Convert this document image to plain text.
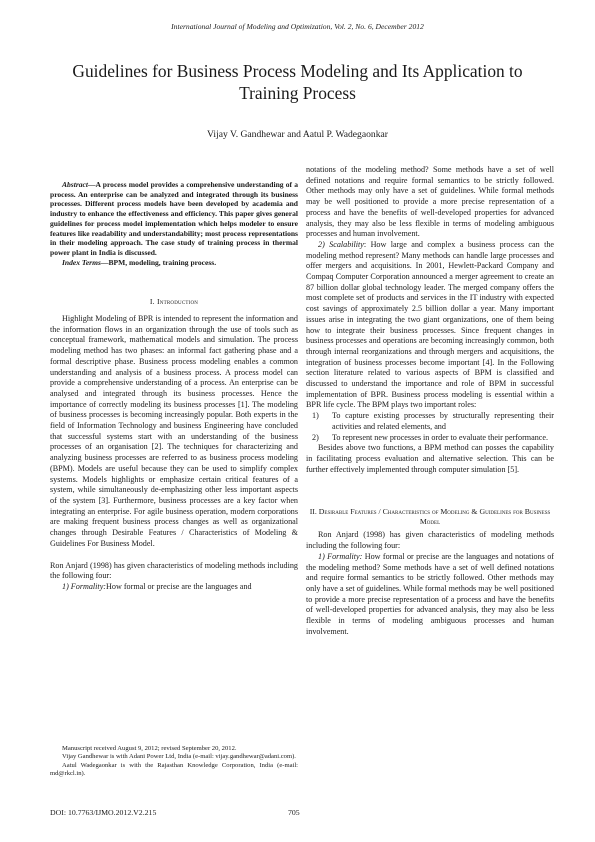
International Journal of Modeling and Optimization, Vol. 2, No. 6, December 2012
Guidelines for Business Process Modeling and Its Application to Training Process
Vijay V. Gandhewar and Aatul P. Wadegaonkar

Abstract—A process model provides a comprehensive understanding of a process. An enterprise can be analyzed and integrated through its business processes. Different process models have been developed by academia and industry to enhance the effectiveness and efficiency. This paper gives general guidelines for process model implementation which helps modeler to ensure features like readability and understandability; most process representations in their modeling approach. The case study of training process in thermal power plant in India is discussed.

Index Terms—BPM, modeling, training process.

I. Introduction

Highlight Modeling of BPR is intended to represent the information and the information flows in an organization through the use of tools such as conceptual framework, mathematical models and simulation. The process modeling method has two phases: an informal fact gathering phase and a formal descriptive phase. Business process modeling enables a common understanding and analysis of a business process. A process model can provide a comprehensive understanding of a process. An enterprise can be analysed and integrated through its business processes. Hence the importance of correctly modeling its business processes [1]. The modeling of business processes is becoming increasingly popular. Both experts in the field of Information Technology and business Engineering have concluded that successful systems start with an understanding of the business processes of an organisation [2]. The techniques for characterizing and analyzing business processes are referred to as business process modeling (BPM). Models are useful because they can be used to simplify complex systems. Models highlights or emphasize certain critical features of a system, while simultaneously de-emphasizing other less important aspects of the system [3]. Furthermore, business processes are a key factor when integrating an enterprise. For agile business operation, modern corporations are making frequent business process changes as well as organizational changes through Desirable Features / Characteristics of Modeling & Guidelines For Business Model.

Ron Anjard (1998) has given characteristics of modeling methods including the following four:

1) Formality:How formal or precise are the languages and

notations of the modeling method? Some methods have a set of well defined notations and require formal semantics to be strictly followed. Other methods may only have a set of guidelines. While formal methods may be well positioned to provide a more precise representation of a process and have the benefits of well-developed properties for advanced analysis, they may also be less flexible in terms of modeling ambiguous processes and human involvement.

2) Scalability: How large and complex a business process can the modeling method represent? Many methods can handle large processes and offer mergers and acquisitions. In 2001, Hewlett-Packard Company and Compaq Computer Corporation announced a merger agreement to create an 87 billion dollar global technology leader. The merged company offers the most complete set of products and services in the IT industry with expected cost savings of approximately 2.5 billion dollar a year. Many important issues arise in integrating the two giant organizations, one of them being how to integrate their business processes. Since frequent changes in business processes and operations are becoming increasingly common, both through internal reorganizations and through mergers and acquisitions, the integration of business processes become important [4]. In the Following section literature related to various aspects of BPM is classified and discussed to understand the importance and role of BPM in successful implementation of BPR. Business process modeling is essential within a BPR life cycle. The BPM plays two important roles:

1)	To capture existing processes by structurally representing their activities and related elements, and
2)	To represent new processes in order to evaluate their performance.

Besides above two functions, a BPM method can posses the capability in facilitating process evaluation and alternative selection. This can be further effectively implemented through computer simulation [5].

II. Desirable Features / Characteristics of Modeling & Guidelines for Business Model

Ron Anjard (1998) has given characteristics of modeling methods including the following four:

1) Formality: How formal or precise are the languages and notations of the modeling method? Some methods have a set of well defined notations and require formal semantics to be strictly followed. Other methods may only have a set of guidelines. While formal methods may be well positioned to provide a more precise representation of a process and have the benefits of well-developed properties for advanced analysis, they may also be less flexible in terms of modeling ambiguous processes and human involvement.

Manuscript received August 9, 2012; revised September 20, 2012.

Vijay Gandhewar is with Adani Power Ltd, India (e-mail: vijay.gandhewar@adani.com).

Aatul Wadegaonkar is with the Rajasthan Knowledge Corporation, India (e-mail: md@rkcl.in).

DOI: 10.7763/IJMO.2012.V2.215	705
